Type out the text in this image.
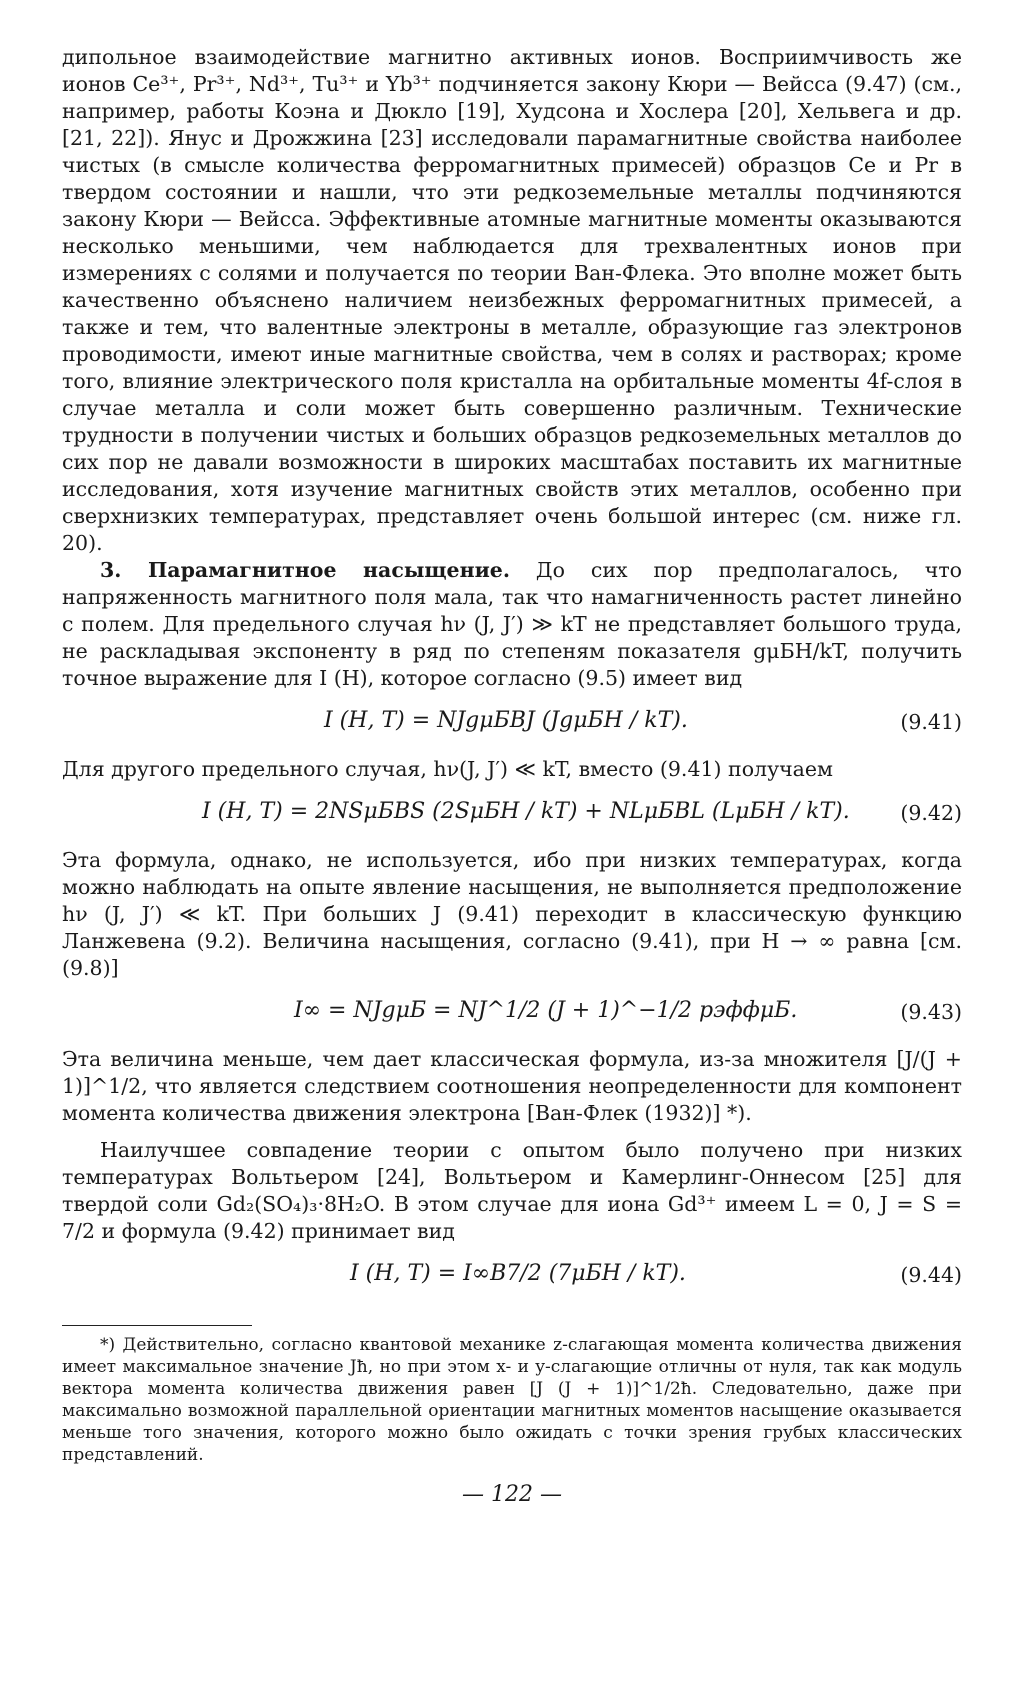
дипольное взаимодействие магнитно активных ионов. Восприимчивость же ионов Ce³⁺, Pr³⁺, Nd³⁺, Tu³⁺ и Yb³⁺ подчиняется закону Кюри — Вейсса (9.47) (см., например, работы Коэна и Дюкло [19], Худсона и Хослера [20], Хельвега и др. [21, 22]). Янус и Дрожжина [23] исследовали парамагнитные свойства наиболее чистых (в смысле количества ферромагнитных примесей) образцов Ce и Pr в твердом состоянии и нашли, что эти редкоземельные металлы подчиняются закону Кюри — Вейсса. Эффективные атомные магнитные моменты оказываются несколько меньшими, чем наблюдается для трехвалентных ионов при измерениях с солями и получается по теории Ван-Флека. Это вполне может быть качественно объяснено наличием неизбежных ферромагнитных примесей, а также и тем, что валентные электроны в металле, образующие газ электронов проводимости, имеют иные магнитные свойства, чем в солях и растворах; кроме того, влияние электрического поля кристалла на орбитальные моменты 4f-слоя в случае металла и соли может быть совершенно различным. Технические трудности в получении чистых и больших образцов редкоземельных металлов до сих пор не давали возможности в широких масштабах поставить их магнитные исследования, хотя изучение магнитных свойств этих металлов, особенно при сверхнизких температурах, представляет очень большой интерес (см. ниже гл. 20).

3. Парамагнитное насыщение. До сих пор предполагалось, что напряженность магнитного поля мала, так что намагниченность растет линейно с полем. Для предельного случая hν (J, J′) ≫ kT не представляет большого труда, не раскладывая экспоненту в ряд по степеням показателя gμБH/kT, получить точное выражение для I (H), которое согласно (9.5) имеет вид

I (H, T) = NJgμБBJ (JgμБH / kT).	(9.41)

Для другого предельного случая, hν(J, J′) ≪ kT, вместо (9.41) получаем

I (H, T) = 2NSμБBS (2SμБH / kT) + NLμБBL (LμБH / kT). (9.42)

Эта формула, однако, не используется, ибо при низких температурах, когда можно наблюдать на опыте явление насыщения, не выполняется предположение hν (J, J′) ≪ kT. При больших J (9.41) переходит в классическую функцию Ланжевена (9.2). Величина насыщения, согласно (9.41), при H → ∞ равна [см. (9.8)]

I∞ = NJgμБ = NJ^1/2 (J + 1)^−1/2 pэффμБ.	(9.43)

Эта величина меньше, чем дает классическая формула, из-за множителя [J/(J + 1)]^1/2, что является следствием соотношения неопределенности для компонент момента количества движения электрона [Ван-Флек (1932)] *).

Наилучшее совпадение теории с опытом было получено при низких температурах Вольтьером [24], Вольтьером и Камерлинг-Оннесом [25] для твердой соли Gd₂(SO₄)₃·8H₂O. В этом случае для иона Gd³⁺ имеем L = 0, J = S = 7/2 и формула (9.42) принимает вид

I (H, T) = I∞B7/2 (7μБH / kT).	(9.44)

*) Действительно, согласно квантовой механике z-слагающая момента количества движения имеет максимальное значение Jħ, но при этом x- и y-слагающие отличны от нуля, так как модуль вектора момента количества движения равен [J (J + 1)]^1/2ħ. Следовательно, даже при максимально возможной параллельной ориентации магнитных моментов насыщение оказывается меньше того значения, которого можно было ожидать с точки зрения грубых классических представлений.

— 122 —
